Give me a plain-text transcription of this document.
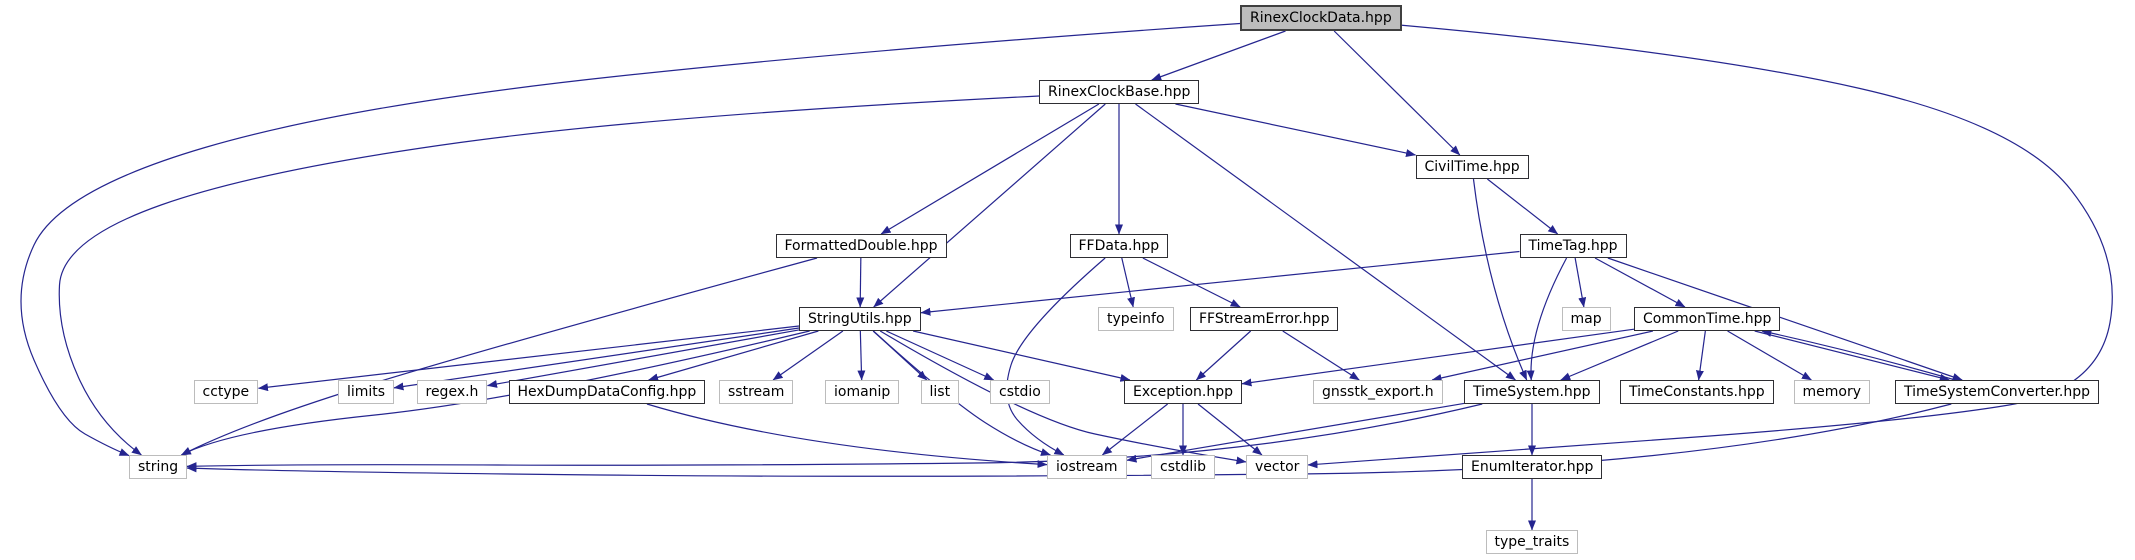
RinexClockData.hpp
RinexClockBase.hpp
CivilTime.hpp
FormattedDouble.hpp	FFData.hpp	TimeTag.hpp
StringUtils.hpp	typeinfo	FFStreamError.hpp	map	CommonTime.hpp
cctype	limits	regex.h	HexDumpDataConfig.hpp	sstream	iomanip	list	cstdio	Exception.hpp	gnsstk_export.h	TimeSystem.hpp	TimeConstants.hpp	memory	TimeSystemConverter.hpp
string	iostream	cstdlib	vector	EnumIterator.hpp
type_traits
